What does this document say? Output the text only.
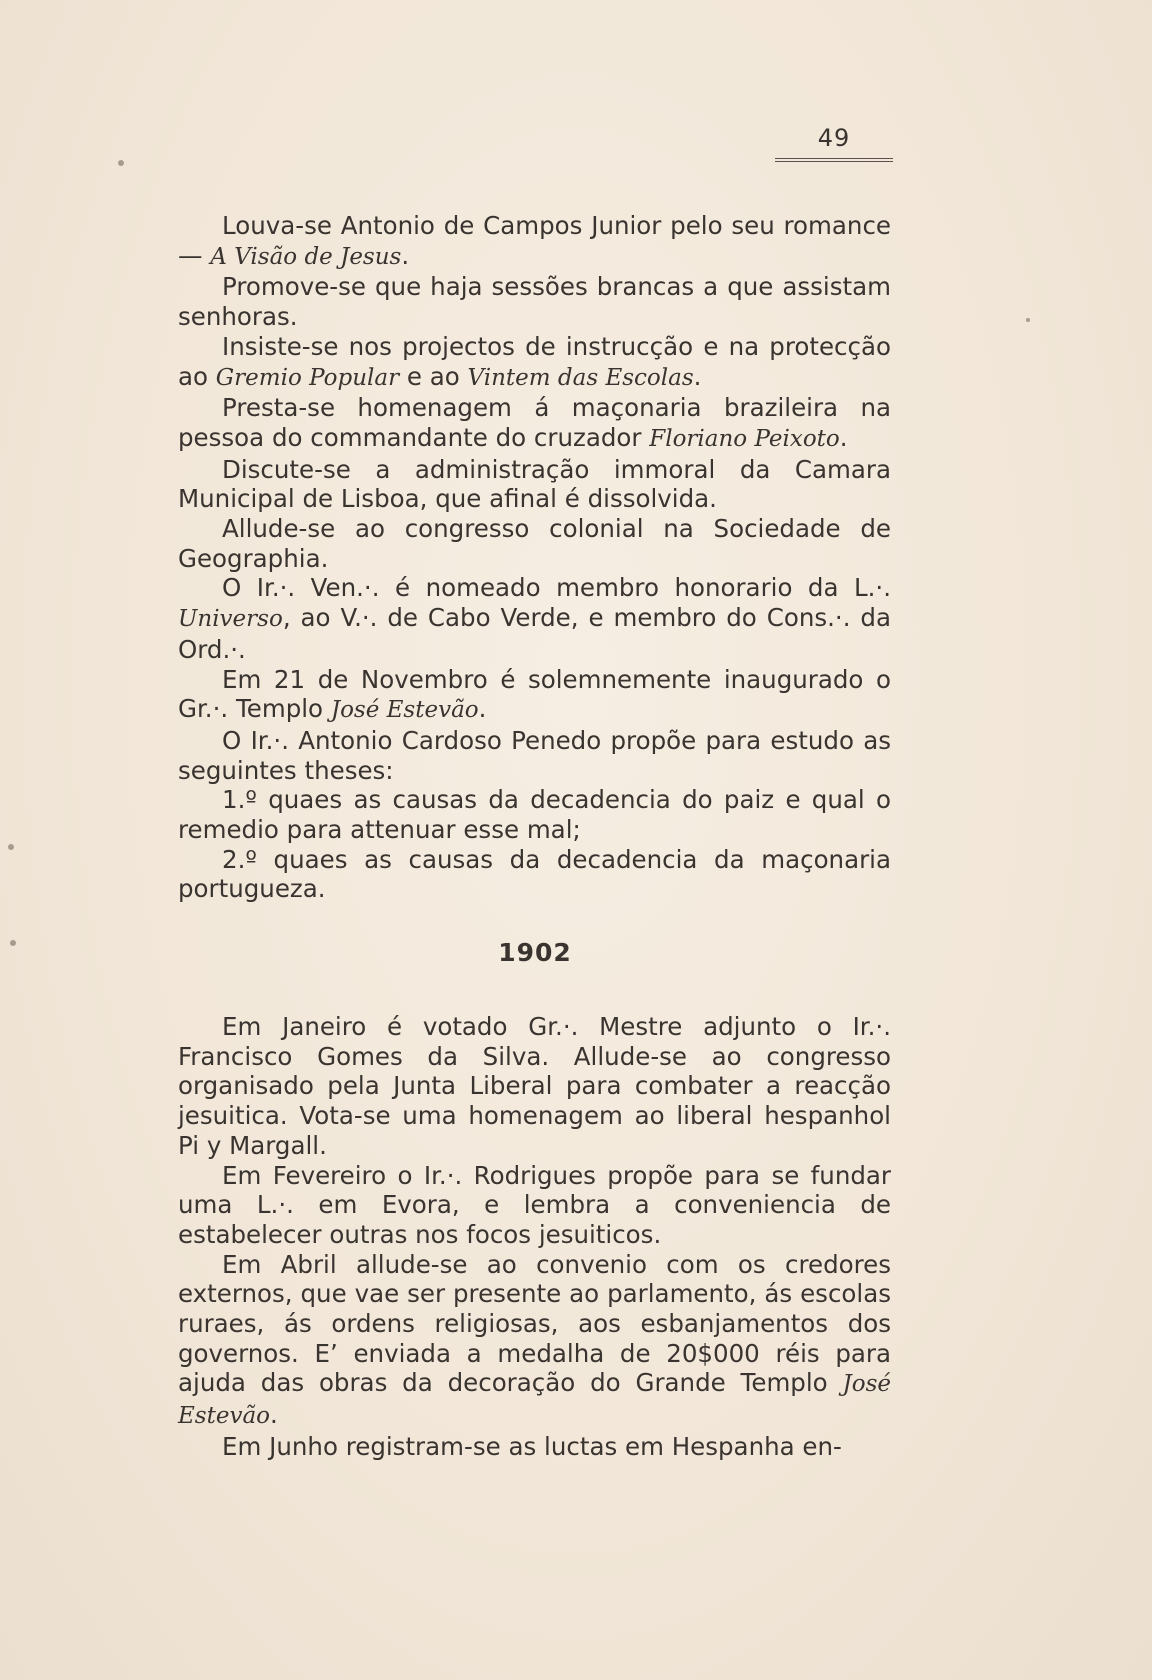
49

Louva-se Antonio de Campos Junior pelo seu romance — A Visão de Jesus.

Promove-se que haja sessões brancas a que assistam senhoras.

Insiste-se nos projectos de instrucção e na protecção ao Gremio Popular e ao Vintem das Escolas.

Presta-se homenagem á maçonaria brazileira na pessoa do commandante do cruzador Floriano Peixoto.

Discute-se a administração immoral da Camara Municipal de Lisboa, que afinal é dissolvida.

Allude-se ao congresso colonial na Sociedade de Geographia.

O Ir.·. Ven.·. é nomeado membro honorario da L.·. Universo, ao V.·. de Cabo Verde, e membro do Cons.·. da Ord.·.

Em 21 de Novembro é solemnemente inaugurado o Gr.·. Templo José Estevão.

O Ir.·. Antonio Cardoso Penedo propõe para estudo as seguintes theses:

1.º quaes as causas da decadencia do paiz e qual o remedio para attenuar esse mal;

2.º quaes as causas da decadencia da maçonaria portugueza.

1902

Em Janeiro é votado Gr.·. Mestre adjunto o Ir.·. Francisco Gomes da Silva. Allude-se ao congresso organisado pela Junta Liberal para combater a reacção jesuitica. Vota-se uma homenagem ao liberal hespanhol Pi y Margall.

Em Fevereiro o Ir.·. Rodrigues propõe para se fundar uma L.·. em Evora, e lembra a conveniencia de estabelecer outras nos focos jesuiticos.

Em Abril allude-se ao convenio com os credores externos, que vae ser presente ao parlamento, ás escolas ruraes, ás ordens religiosas, aos esbanjamentos dos governos. E’ enviada a medalha de 20$000 réis para ajuda das obras da decoração do Grande Templo José Estevão.

Em Junho registram-se as luctas em Hespanha en-
